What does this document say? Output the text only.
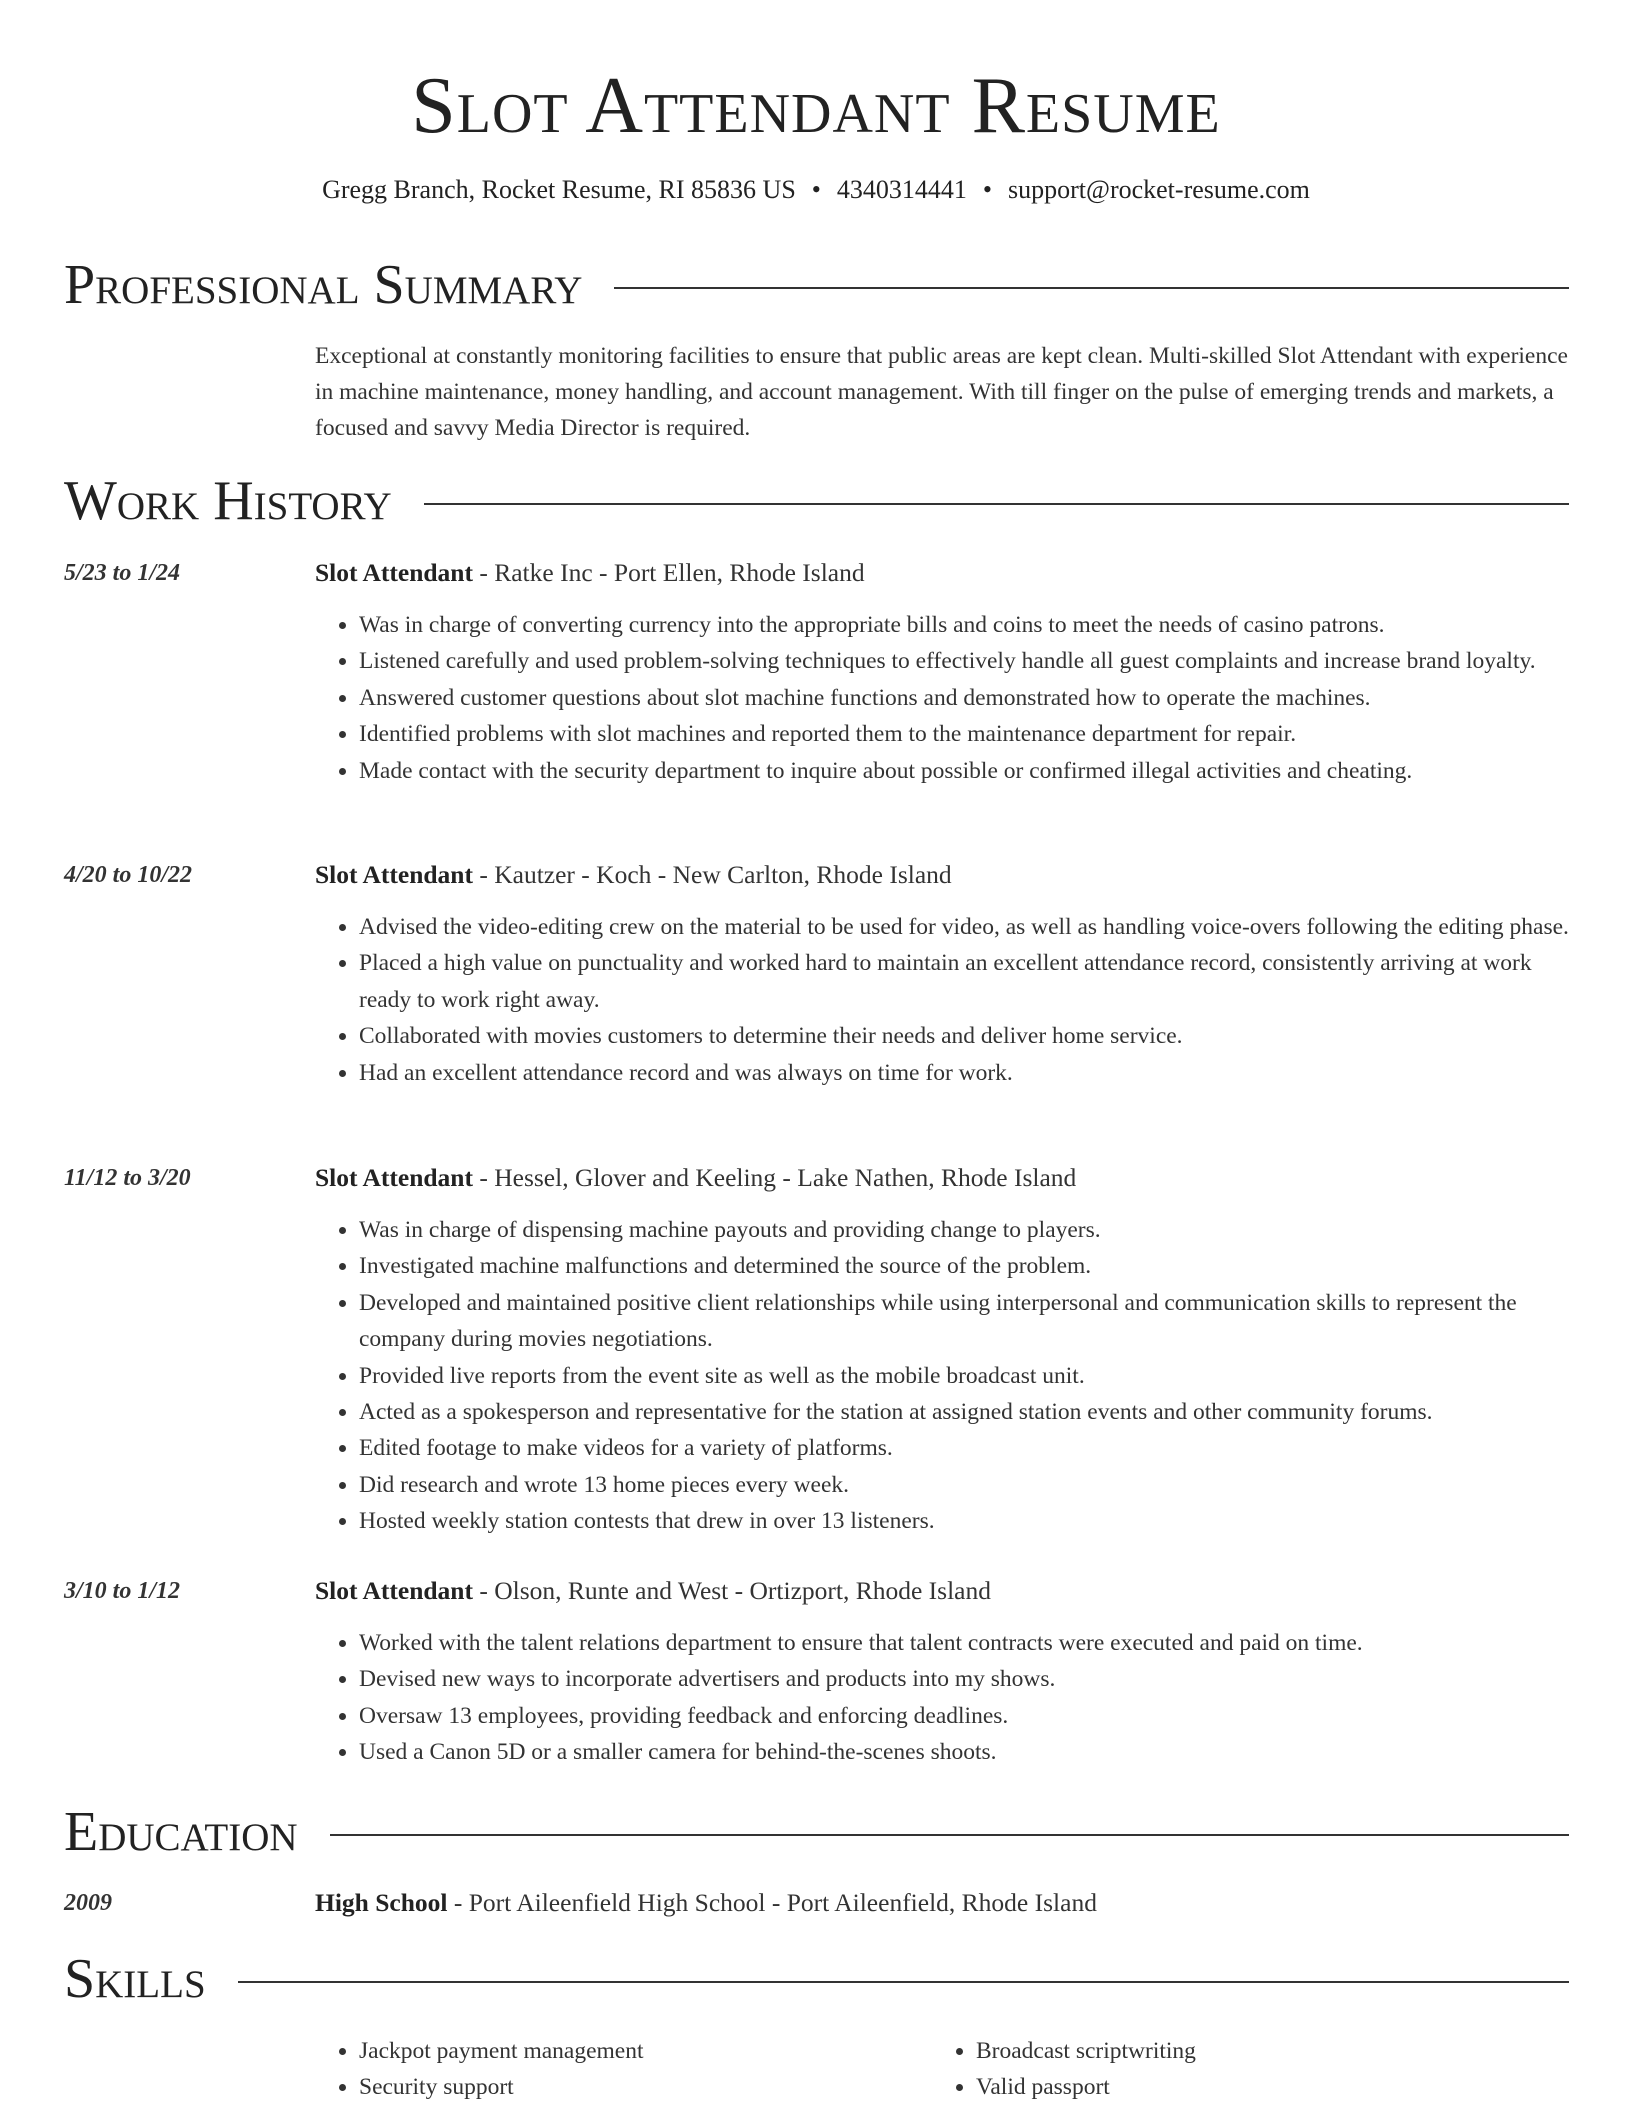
Slot Attendant Resume
Gregg Branch, Rocket Resume, RI 85836 US • 4340314441 • support@rocket-resume.com
Professional Summary

Exceptional at constantly monitoring facilities to ensure that public areas are kept clean. Multi-skilled Slot Attendant with experience in machine maintenance, money handling, and account management. With till finger on the pulse of emerging trends and markets, a focused and savvy Media Director is required.

Work History
5/23 to 1/24	Slot Attendant - Ratke Inc - Port Ellen, Rhode Island
• Was in charge of converting currency into the appropriate bills and coins to meet the needs of casino patrons.
• Listened carefully and used problem-solving techniques to effectively handle all guest complaints and increase brand loyalty.
• Answered customer questions about slot machine functions and demonstrated how to operate the machines.
• Identified problems with slot machines and reported them to the maintenance department for repair.
• Made contact with the security department to inquire about possible or confirmed illegal activities and cheating.
4/20 to 10/22	Slot Attendant - Kautzer - Koch - New Carlton, Rhode Island
• Advised the video-editing crew on the material to be used for video, as well as handling voice-overs following the editing phase.
• Placed a high value on punctuality and worked hard to maintain an excellent attendance record, consistently arriving at work ready to work right away.
• Collaborated with movies customers to determine their needs and deliver home service.
• Had an excellent attendance record and was always on time for work.
11/12 to 3/20	Slot Attendant - Hessel, Glover and Keeling - Lake Nathen, Rhode Island
• Was in charge of dispensing machine payouts and providing change to players.
• Investigated machine malfunctions and determined the source of the problem.
• Developed and maintained positive client relationships while using interpersonal and communication skills to represent the company during movies negotiations.
• Provided live reports from the event site as well as the mobile broadcast unit.
• Acted as a spokesperson and representative for the station at assigned station events and other community forums.
• Edited footage to make videos for a variety of platforms.
• Did research and wrote 13 home pieces every week.
• Hosted weekly station contests that drew in over 13 listeners.
3/10 to 1/12	Slot Attendant - Olson, Runte and West - Ortizport, Rhode Island
• Worked with the talent relations department to ensure that talent contracts were executed and paid on time.
• Devised new ways to incorporate advertisers and products into my shows.
• Oversaw 13 employees, providing feedback and enforcing deadlines.
• Used a Canon 5D or a smaller camera for behind-the-scenes shoots.
Education
2009	High School - Port Aileenfield High School - Port Aileenfield, Rhode Island
Skills
• Jackpot payment management
• Security support
• Broadcast scriptwriting
• Valid passport
